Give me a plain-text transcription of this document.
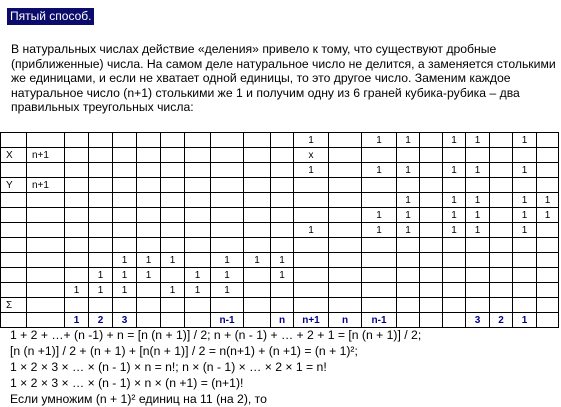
Пятый способ.

В натуральных числах действие «деления» привело к тому, что существуют дробные (приближенные) числа. На самом деле натуральное число не делится, а заменяется столькими же единицами, и если не хватает одной единицы, то это другое число. Заменим каждое натуральное число (n+1) столькими же 1 и получим одну из 6 граней кубика-рубика – два правильных треугольных числа:

											1		1	1		1	1		1	
X	n+1										x									
											1		1	1		1	1		1	
Y	n+1																			
														1		1	1		1	1
													1	1		1	1		1	1
											1		1	1		1	1		1	

				1	1	1		1	1	1										
			1	1	1		1	1		1										
		1	1	1		1	1	1												
Σ																				
		1	2	3				n-1		n	n+1	n	n-1				3	2	1	
1 + 2 + …+ (n -1) + n = [n (n + 1)] / 2; n + (n - 1) + … + 2 + 1 = [n (n + 1)] / 2;
[n (n +1)] / 2 + (n + 1) + [n(n + 1)] / 2 = n(n+1) + (n +1) = (n + 1)²;
1 × 2 × 3 × … × (n - 1) × n = n!; n × (n - 1) × … × 2 × 1 = n!
1 × 2 × 3 × … × (n - 1) × n × (n +1) = (n+1)!
Если умножим (n + 1)² единиц на 11 (на 2), то
